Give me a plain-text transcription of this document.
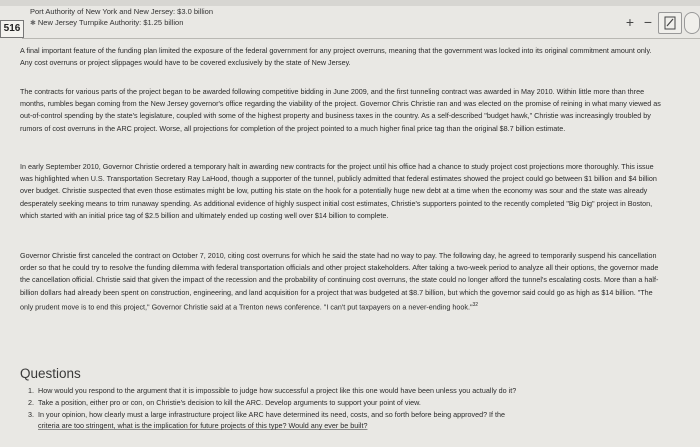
516
Port Authority of New York and New Jersey: $3.0 billion
✱ New Jersey Turnpike Authority: $1.25 billion	+ −

A final important feature of the funding plan limited the exposure of the federal government for any project overruns, meaning that the government was locked into its original commitment amount only. Any cost overruns or project slippages would have to be covered exclusively by the state of New Jersey.

The contracts for various parts of the project began to be awarded following competitive bidding in June 2009, and the first tunneling contract was awarded in May 2010. Within little more than three months, rumbles began coming from the New Jersey governor's office regarding the viability of the project. Governor Chris Christie ran and was elected on the promise of reining in what many viewed as out-of-control spending by the state's legislature, coupled with some of the highest property and business taxes in the country. As a self-described "budget hawk," Christie was increasingly troubled by rumors of cost overruns in the ARC project. Worse, all projections for completion of the project pointed to a much higher final price tag than the original $8.7 billion estimate.

In early September 2010, Governor Christie ordered a temporary halt in awarding new contracts for the project until his office had a chance to study project cost projections more thoroughly. This issue was highlighted when U.S. Transportation Secretary Ray LaHood, though a supporter of the tunnel, publicly admitted that federal estimates showed the project could go between $1 billion and $4 billion over budget. Christie suspected that even those estimates might be low, putting his state on the hook for a potentially huge new debt at a time when the economy was sour and the state was already desperately seeking means to trim runaway spending. As additional evidence of highly suspect initial cost estimates, Christie's supporters pointed to the recently completed "Big Dig" project in Boston, which started with an initial price tag of $2.5 billion and ultimately ended up costing well over $14 billion to complete.

Governor Christie first canceled the contract on October 7, 2010, citing cost overruns for which he said the state had no way to pay. The following day, he agreed to temporarily suspend his cancellation order so that he could try to resolve the funding dilemma with federal transportation officials and other project stakeholders. After taking a two-week period to analyze all their options, the governor made the cancellation official. Christie said that given the impact of the recession and the probability of continuing cost overruns, the state could no longer afford the tunnel's escalating costs. More than a half-billion dollars had already been spent on construction, engineering, and land acquisition for a project that was budgeted at $8.7 billion, but which the governor said could go as high as $14 billion. "The only prudent move is to end this project," Governor Christie said at a Trenton news conference. "I can't put taxpayers on a never-ending hook."$^{32}$

Questions
1. How would you respond to the argument that it is impossible to judge how successful a project like this one would have been unless you actually do it?
2. Take a position, either pro or con, on Christie's decision to kill the ARC. Develop arguments to support your point of view.
3. In your opinion, how clearly must a large infrastructure project like ARC have determined its need, costs, and so forth before being approved? If the
criteria are too stringent, what is the implication for future projects of this type? Would any ever be built?
